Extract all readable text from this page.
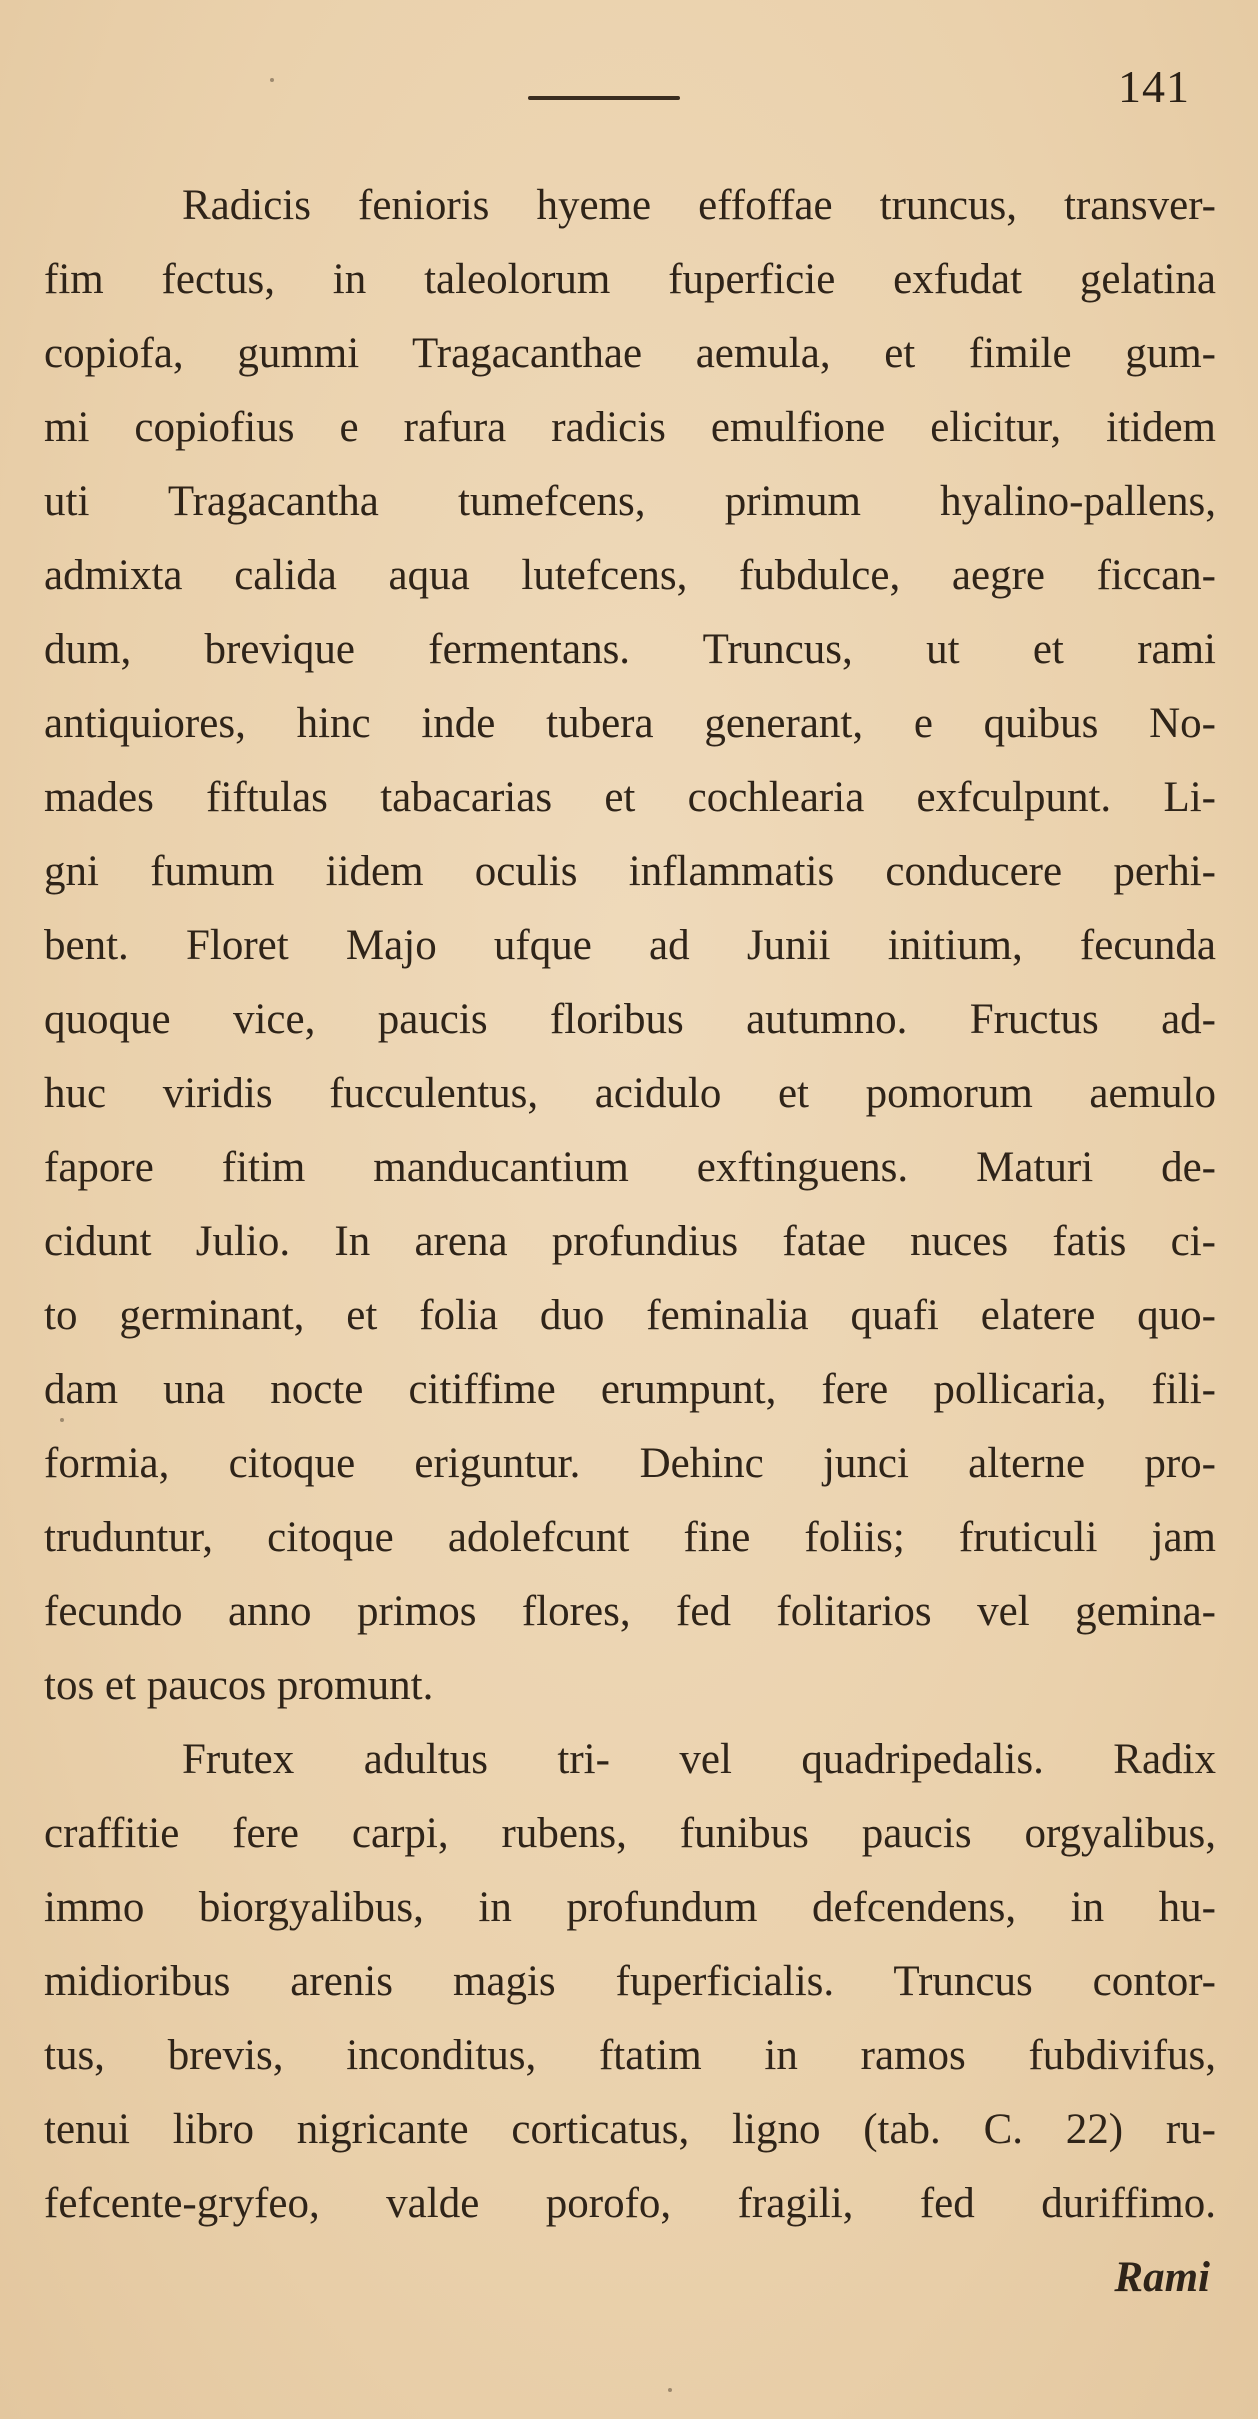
141
Radicis fenioris hyeme effoffae truncus, transver-
fim fectus, in taleolorum fuperficie exfudat gelatina
copiofa, gummi Tragacanthae aemula, et fimile gum-
mi copiofius e rafura radicis emulfione elicitur, itidem
uti Tragacantha tumefcens, primum hyalino-pallens,
admixta calida aqua lutefcens, fubdulce, aegre ficcan-
dum, brevique fermentans. Truncus, ut et rami
antiquiores, hinc inde tubera generant, e quibus No-
mades fiftulas tabacarias et cochlearia exfculpunt. Li-
gni fumum iidem oculis inflammatis conducere perhi-
bent. Floret Majo ufque ad Junii initium, fecunda
quoque vice, paucis floribus autumno. Fructus ad-
huc viridis fucculentus, acidulo et pomorum aemulo
fapore fitim manducantium exftinguens. Maturi de-
cidunt Julio. In arena profundius fatae nuces fatis ci-
to germinant, et folia duo feminalia quafi elatere quo-
dam una nocte citiffime erumpunt, fere pollicaria, fili-
formia, citoque eriguntur. Dehinc junci alterne pro-
truduntur, citoque adolefcunt fine foliis; fruticuli jam
fecundo anno primos flores, fed folitarios vel gemina-
tos et paucos promunt.
Frutex adultus tri- vel quadripedalis. Radix
craffitie fere carpi, rubens, funibus paucis orgyalibus,
immo biorgyalibus, in profundum defcendens, in hu-
midioribus arenis magis fuperficialis. Truncus contor-
tus, brevis, inconditus, ftatim in ramos fubdivifus,
tenui libro nigricante corticatus, ligno (tab. C. 22) ru-
fefcente-gryfeo, valde porofo, fragili, fed duriffimo.
Rami
